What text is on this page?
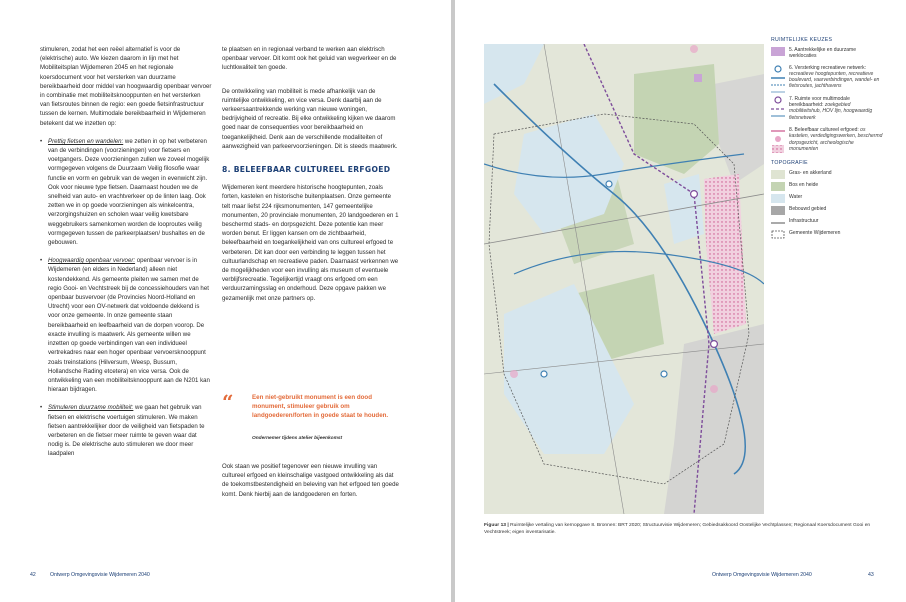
stimuleren, zodat het een reëel alternatief is voor de (elektrische) auto. We kiezen daarom in lijn met het Mobiliteitsplan Wijdemeren 2045 en het regionale koersdocument voor het versterken van duurzame bereikbaarheid door middel van hoogwaardig openbaar vervoer in combinatie met mobiliteitsknooppunten en het versterken van fietsroutes binnen de regio: een goede fietsinfrastructuur tussen de kernen. Multimodale bereikbaarheid in Wijdemeren betekent dat we inzetten op:

• Prettig fietsen en wandelen: we zetten in op het verbeteren van de verbindingen (voorzieningen) voor fietsers en voetgangers. Deze voorzieningen zullen we zoveel mogelijk vormgegeven volgens de Duurzaam Veilig filosofie waar functie en vorm en gebruik van de wegen in evenwicht zijn. Ook voor nieuwe type fietsen. Daarnaast houden we de snelheid van auto- en vrachtverkeer op de linten laag. Ook zetten we in op goede voorzieningen als winkelcentra, verzorgingshuizen en scholen waar veilig kwetsbare weggebruikers samenkomen worden de looproutes veilig vormgegeven tussen de parkeerplaatsen/ bushaltes en de gebouwen.
• Hoogwaardig openbaar vervoer: openbaar vervoer is in Wijdemeren (en elders in Nederland) alleen niet kostendekkend. Als gemeente pleiten we samen met de regio Gooi- en Vechtstreek bij de concessiehouders van het openbaar busvervoer (de Provincies Noord-Holland en Utrecht) voor een OV-netwerk dat voldoende dekkend is voor onze gemeente. In onze gemeente staan bereikbaarheid en leefbaarheid van de dorpen voorop. De exacte invulling is maatwerk. Als gemeente willen we inzetten op goede verbindingen van een individueel vertrekadres naar een hoger openbaar vervoersknooppunt zoals treinstations (Hilversum, Weesp, Bussum, Hollandsche Rading etcetera) en vice versa. Ook de ontwikkeling van een mobiliteitsknooppunt aan de N201 kan hieraan bijdragen.
• Stimuleren duurzame mobiliteit: we gaan het gebruik van fietsen en elektrische voertuigen stimuleren. We maken fietsen aantrekkelijker door de veiligheid van fietspaden te verbeteren en de fietser meer ruimte te geven waar dat nodig is. De elektrische auto stimuleren we door meer laadpalen

te plaatsen en in regionaal verband te werken aan elektrisch openbaar vervoer. Dit komt ook het geluid van wegverkeer en de luchtkwaliteit ten goede.

De ontwikkeling van mobiliteit is mede afhankelijk van de ruimtelijke ontwikkeling, en vice versa. Denk daarbij aan de verkeersaantrekkende werking van nieuwe woningen, bedrijvigheid of recreatie. Bij elke ontwikkeling kijken we daarom goed naar de consequenties voor bereikbaarheid en toegankelijkheid. Denk aan de verschillende modaliteiten of aanwezigheid van parkeervoorzieningen. Dit is steeds maatwerk.

8. BELEEFBAAR CULTUREEL ERFGOED

Wijdemeren kent meerdere historische hoogtepunten, zoals forten, kastelen en historische buitenplaatsen. Onze gemeente telt maar liefst 224 rijksmonumenten, 147 gemeentelijke monumenten, 20 provinciale monumenten, 20 landgoederen en 1 beschermd stads- en dorpsgezicht. Deze potentie kan meer worden benut. Er liggen kansen om de zichtbaarheid, beleefbaarheid en toegankelijkheid van ons cultureel erfgoed te verbeteren. Dit kan door een verbinding te leggen tussen het cultuurlandschap en recreatieve paden. Daarnaast verkennen we de mogelijkheden voor een invulling als museum of eventuele verblijfsrecreatie. Tegelijkertijd vraagt ons erfgoed om een verduurzamingsslag en onderhoud. Deze opgave pakken we gezamenlijk met onze partners op.

“	Een niet-gebruikt monument is een dood monument, stimuleer gebruik om landgoederen/forten in goede staat te houden.
Ondernemer tijdens atelier bijeenkomst

Ook staan we positief tegenover een nieuwe invulling van cultureel erfgoed en kleinschalige vastgoed ontwikkeling als dat de toekomstbestendigheid en beleving van het erfgoed ten goede komt. Denk hierbij aan de landgoederen en forten.

42	Ontwerp Omgevingsvisie Wijdemeren 2040
RUIMTELIJKE KEUZES
5. Aantrekkelijke en duurzame werklocaties
6. Versterking recreatieve netwerk: recreatieve hoogtepunten, recreatieve boulevard, vaarverbindingen, wandel- en fietsroutes, jachthavens
7. Ruimte voor multimodale bereikbaarheid: zoekgebied mobiliteitshub, HOV lijn, hoogwaardig fietsnetwerk
8. Beleefbaar cultureel erfgoed: os kastelen, verdedigingswerken, beschermd dorpsgezicht, archeologische monumenten
TOPOGRAFIE
Gras- en akkerland
Bos en heide
Water
Bebouwd gebied
Infrastructuur
Gemeente Wijdemeren
Figuur 13 | Ruimtelijke vertaling van kernopgave 8. Bronnen: BRT 2020; Structuurvisie Wijdemeren; Gebiedsakkoord Oostelijke Vechtplassen; Regionaal Koersdocument Gooi en Vechtstreek; eigen inventarisatie.
Ontwerp Omgevingsvisie Wijdemeren 2040	43
